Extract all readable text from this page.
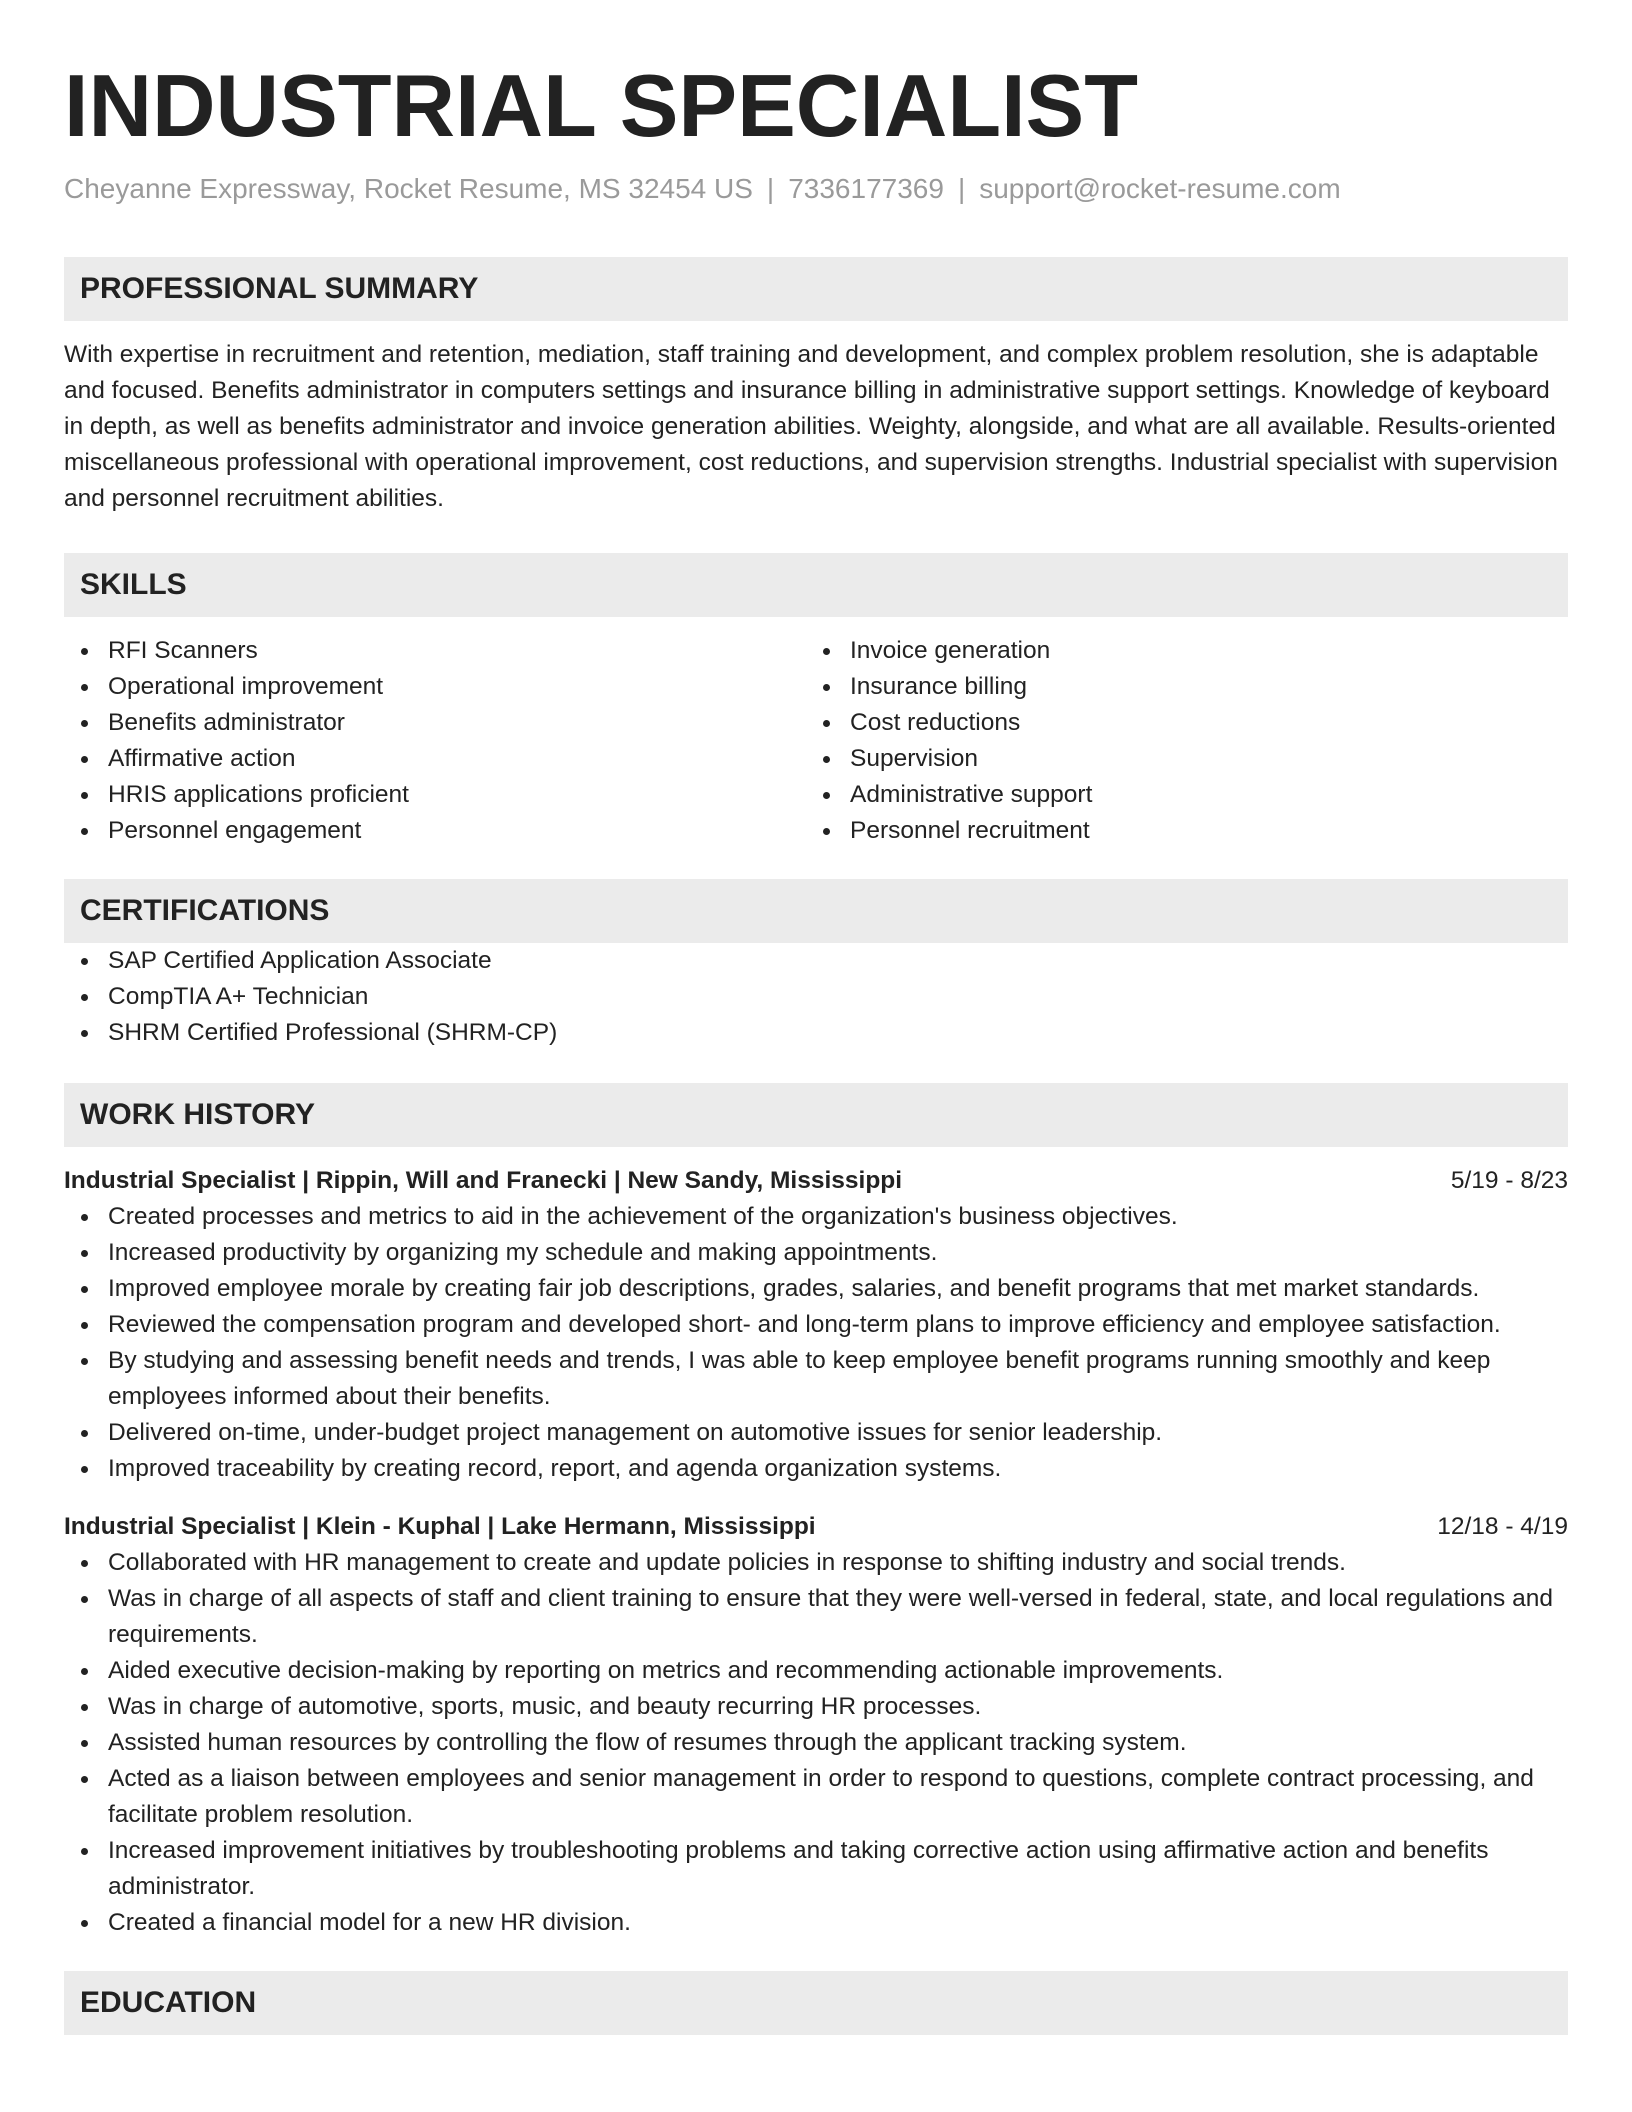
INDUSTRIAL SPECIALIST
Cheyanne Expressway, Rocket Resume, MS 32454 US | 7336177369 | support@rocket-resume.com
PROFESSIONAL SUMMARY
With expertise in recruitment and retention, mediation, staff training and development, and complex problem resolution, she is adaptable and focused. Benefits administrator in computers settings and insurance billing in administrative support settings. Knowledge of keyboard in depth, as well as benefits administrator and invoice generation abilities. Weighty, alongside, and what are all available. Results-oriented miscellaneous professional with operational improvement, cost reductions, and supervision strengths. Industrial specialist with supervision and personnel recruitment abilities.
SKILLS
RFI Scanners
Operational improvement
Benefits administrator
Affirmative action
HRIS applications proficient
Personnel engagement
Invoice generation
Insurance billing
Cost reductions
Supervision
Administrative support
Personnel recruitment
CERTIFICATIONS
SAP Certified Application Associate
CompTIA A+ Technician
SHRM Certified Professional (SHRM-CP)
WORK HISTORY
Industrial Specialist | Rippin, Will and Franecki | New Sandy, Mississippi	5/19 - 8/23
Created processes and metrics to aid in the achievement of the organization's business objectives.
Increased productivity by organizing my schedule and making appointments.
Improved employee morale by creating fair job descriptions, grades, salaries, and benefit programs that met market standards.
Reviewed the compensation program and developed short- and long-term plans to improve efficiency and employee satisfaction.
By studying and assessing benefit needs and trends, I was able to keep employee benefit programs running smoothly and keep employees informed about their benefits.
Delivered on-time, under-budget project management on automotive issues for senior leadership.
Improved traceability by creating record, report, and agenda organization systems.
Industrial Specialist | Klein - Kuphal | Lake Hermann, Mississippi	12/18 - 4/19
Collaborated with HR management to create and update policies in response to shifting industry and social trends.
Was in charge of all aspects of staff and client training to ensure that they were well-versed in federal, state, and local regulations and requirements.
Aided executive decision-making by reporting on metrics and recommending actionable improvements.
Was in charge of automotive, sports, music, and beauty recurring HR processes.
Assisted human resources by controlling the flow of resumes through the applicant tracking system.
Acted as a liaison between employees and senior management in order to respond to questions, complete contract processing, and facilitate problem resolution.
Increased improvement initiatives by troubleshooting problems and taking corrective action using affirmative action and benefits administrator.
Created a financial model for a new HR division.
EDUCATION
